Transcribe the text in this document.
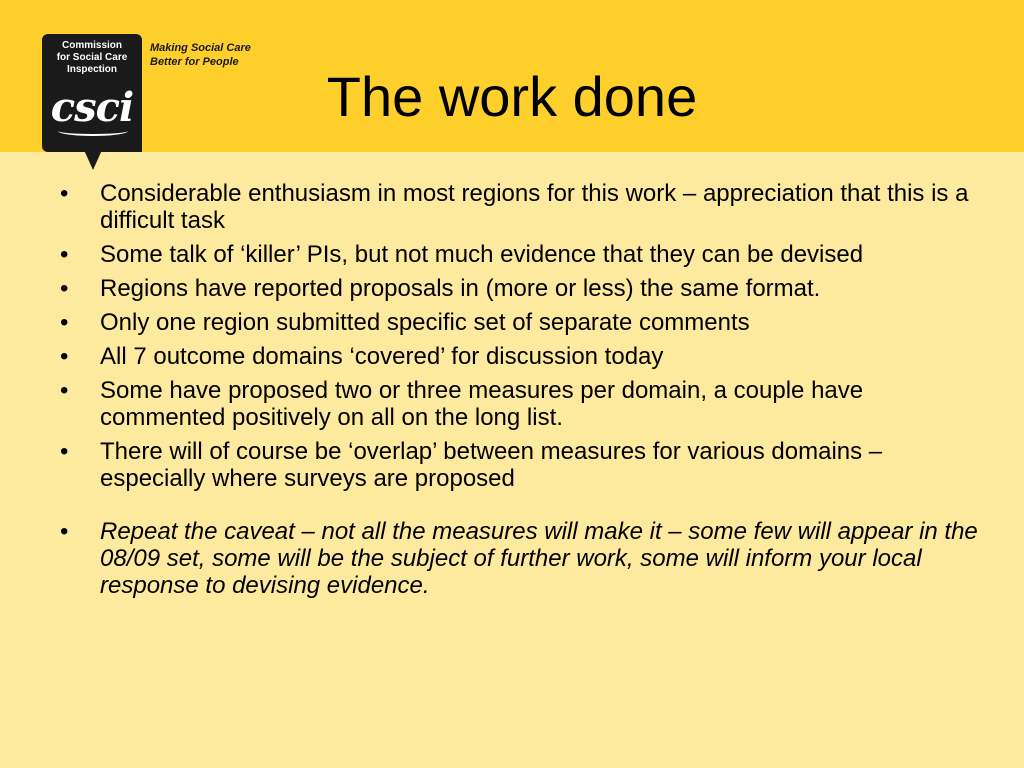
Commission
for Social Care
Inspection
csci
Making Social Care
Better for People
The work done
• Considerable enthusiasm in most regions for this work – appreciation that this is a difficult task
• Some talk of ‘killer’ PIs, but not much evidence that they can be devised
• Regions have reported proposals in (more or less) the same format.
• Only one region submitted specific set of separate comments
• All 7 outcome domains ‘covered’ for discussion today
• Some have proposed two or three measures per domain, a couple have commented positively on all on the long list.
• There will of course be ‘overlap’ between measures for various domains – especially where surveys are proposed
• Repeat the caveat – not all the measures will make it – some few will appear in the 08/09 set, some will be the subject of further work, some will inform your local response to devising evidence.
